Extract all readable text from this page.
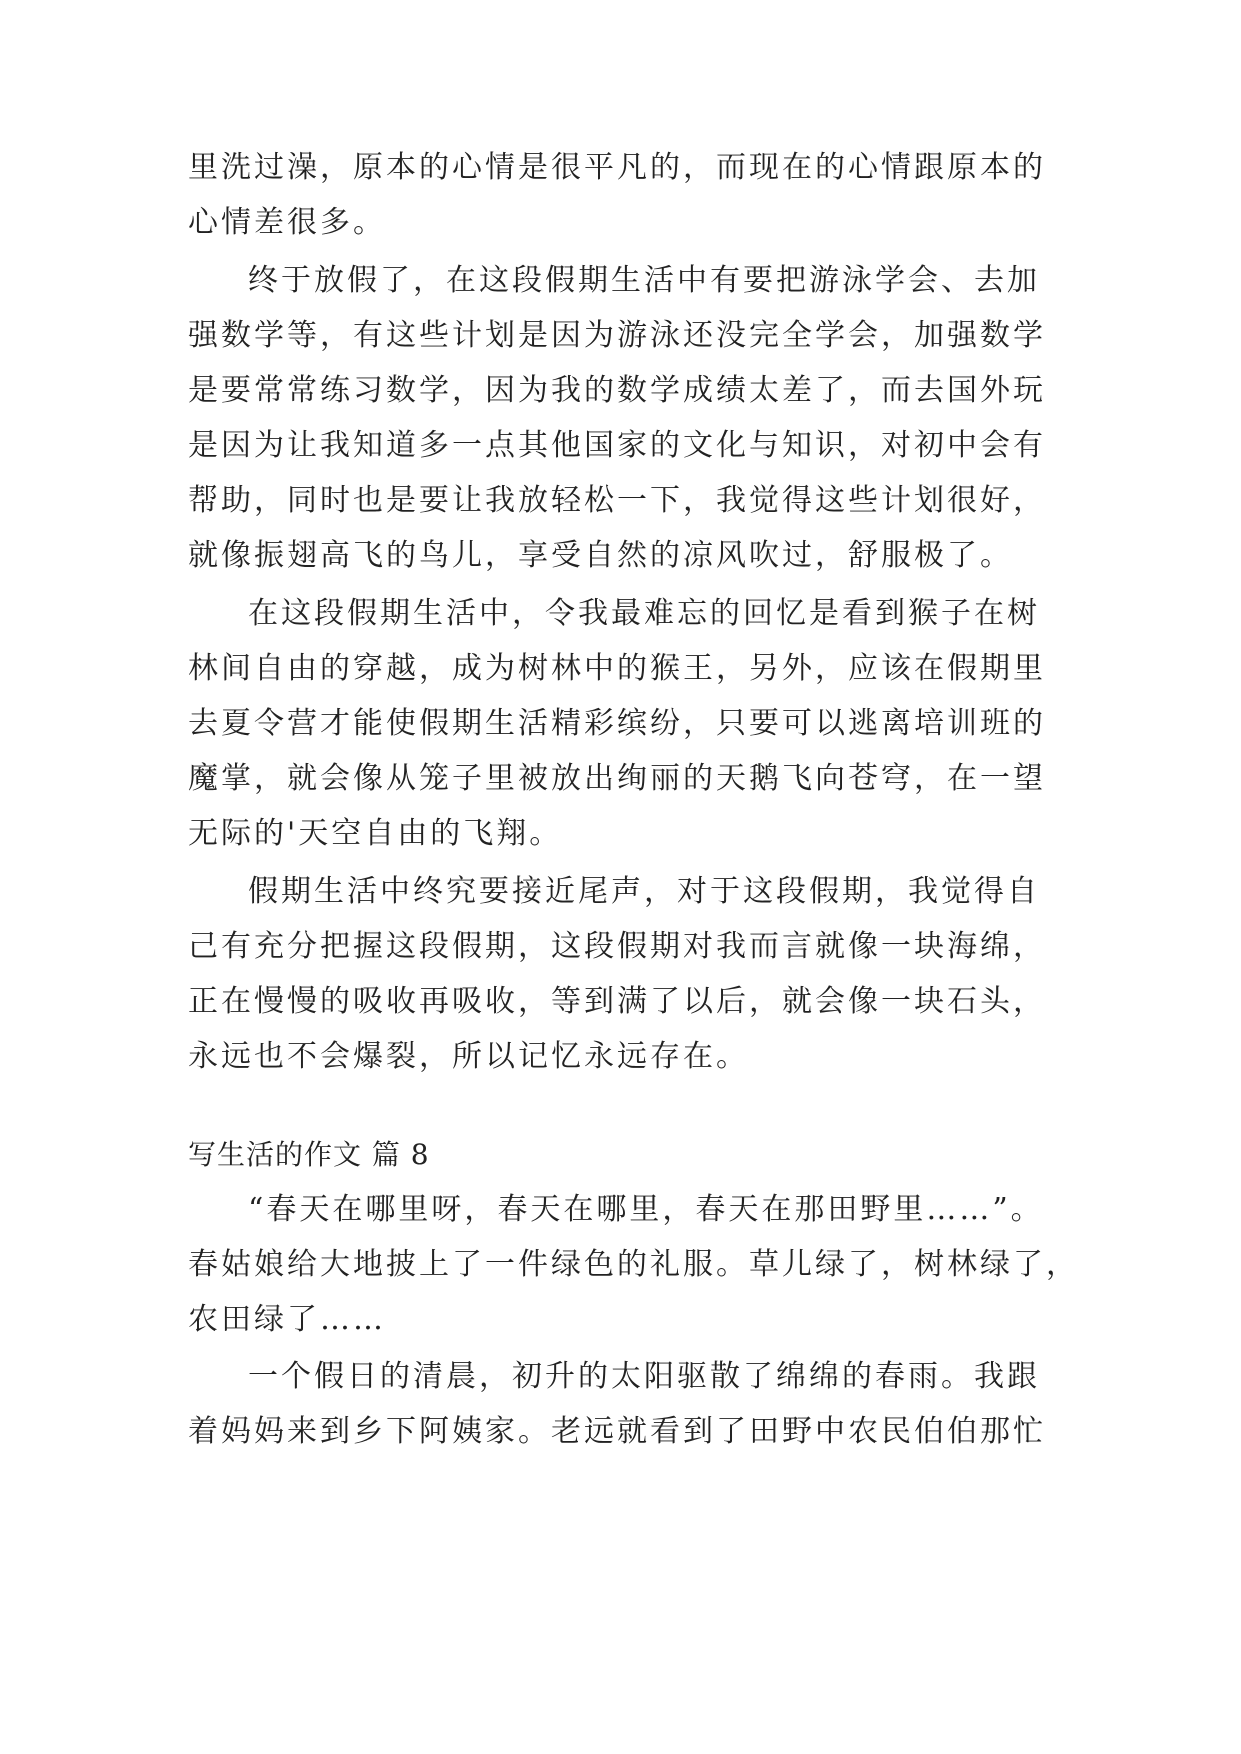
里洗过澡，原本的心情是很平凡的，而现在的心情跟原本的
心情差很多。
终于放假了，在这段假期生活中有要把游泳学会、去加
强数学等，有这些计划是因为游泳还没完全学会，加强数学
是要常常练习数学，因为我的数学成绩太差了，而去国外玩
是因为让我知道多一点其他国家的文化与知识，对初中会有
帮助，同时也是要让我放轻松一下，我觉得这些计划很好，
就像振翅高飞的鸟儿，享受自然的凉风吹过，舒服极了。
在这段假期生活中，令我最难忘的回忆是看到猴子在树
林间自由的穿越，成为树林中的猴王，另外，应该在假期里
去夏令营才能使假期生活精彩缤纷，只要可以逃离培训班的
魔掌，就会像从笼子里被放出绚丽的天鹅飞向苍穹，在一望
无际的'天空自由的飞翔。
假期生活中终究要接近尾声，对于这段假期，我觉得自
己有充分把握这段假期，这段假期对我而言就像一块海绵，
正在慢慢的吸收再吸收，等到满了以后，就会像一块石头，
永远也不会爆裂，所以记忆永远存在。
写生活的作文 篇 8
“春天在哪里呀，春天在哪里，春天在那田野里……”。
春姑娘给大地披上了一件绿色的礼服。草儿绿了，树林绿了，
农田绿了……
一个假日的清晨，初升的太阳驱散了绵绵的春雨。我跟
着妈妈来到乡下阿姨家。老远就看到了田野中农民伯伯那忙
